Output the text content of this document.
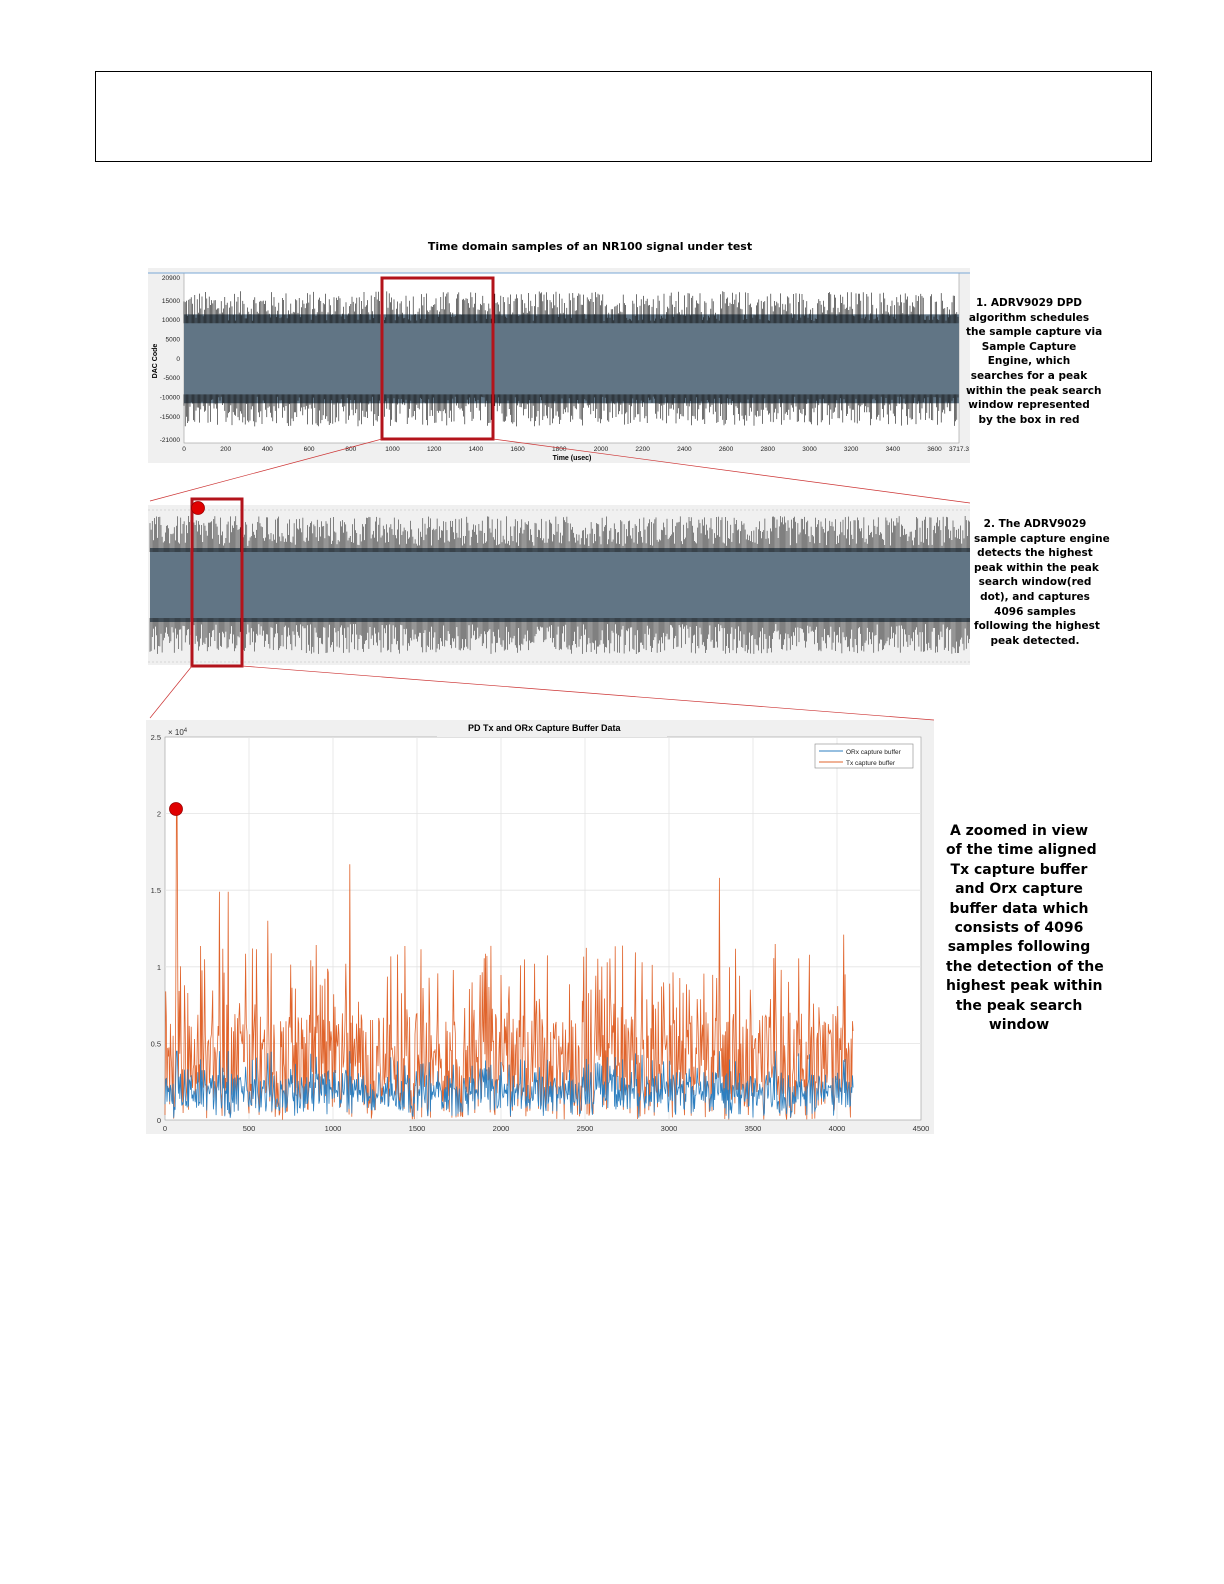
Time domain samples of an NR100 signal under test
0	200	400	600	800	1000	1200	1400	1600	1800	2000	2200	2400	2600	2800	3000	3200	3400	3600 3717.3
20900
15000
10000
5000
0
-5000
-10000
-15000
-21000
DAC Code
Time (usec)
0	500	1000	1500	2000	2500	3000	3500	4000	4500
0
0.5
1
1.5
2
2.5
PD Tx and ORx Capture Buffer Data
× $10^4$
ORx capture buffer
Tx capture buffer
1. ADRV9029 DPD
algorithm schedules
the sample capture via
Sample Capture
Engine, which
searches for a peak
within the peak search
window represented
by the box in red
2. The ADRV9029
sample capture engine
detects the highest
peak within the peak
search window(red
dot), and captures
4096 samples
following the highest
peak detected.
A zoomed in view
of the time aligned
Tx capture buffer
and Orx capture
buffer data which
consists of 4096
samples following
the detection of the
highest peak within
the peak search
window
